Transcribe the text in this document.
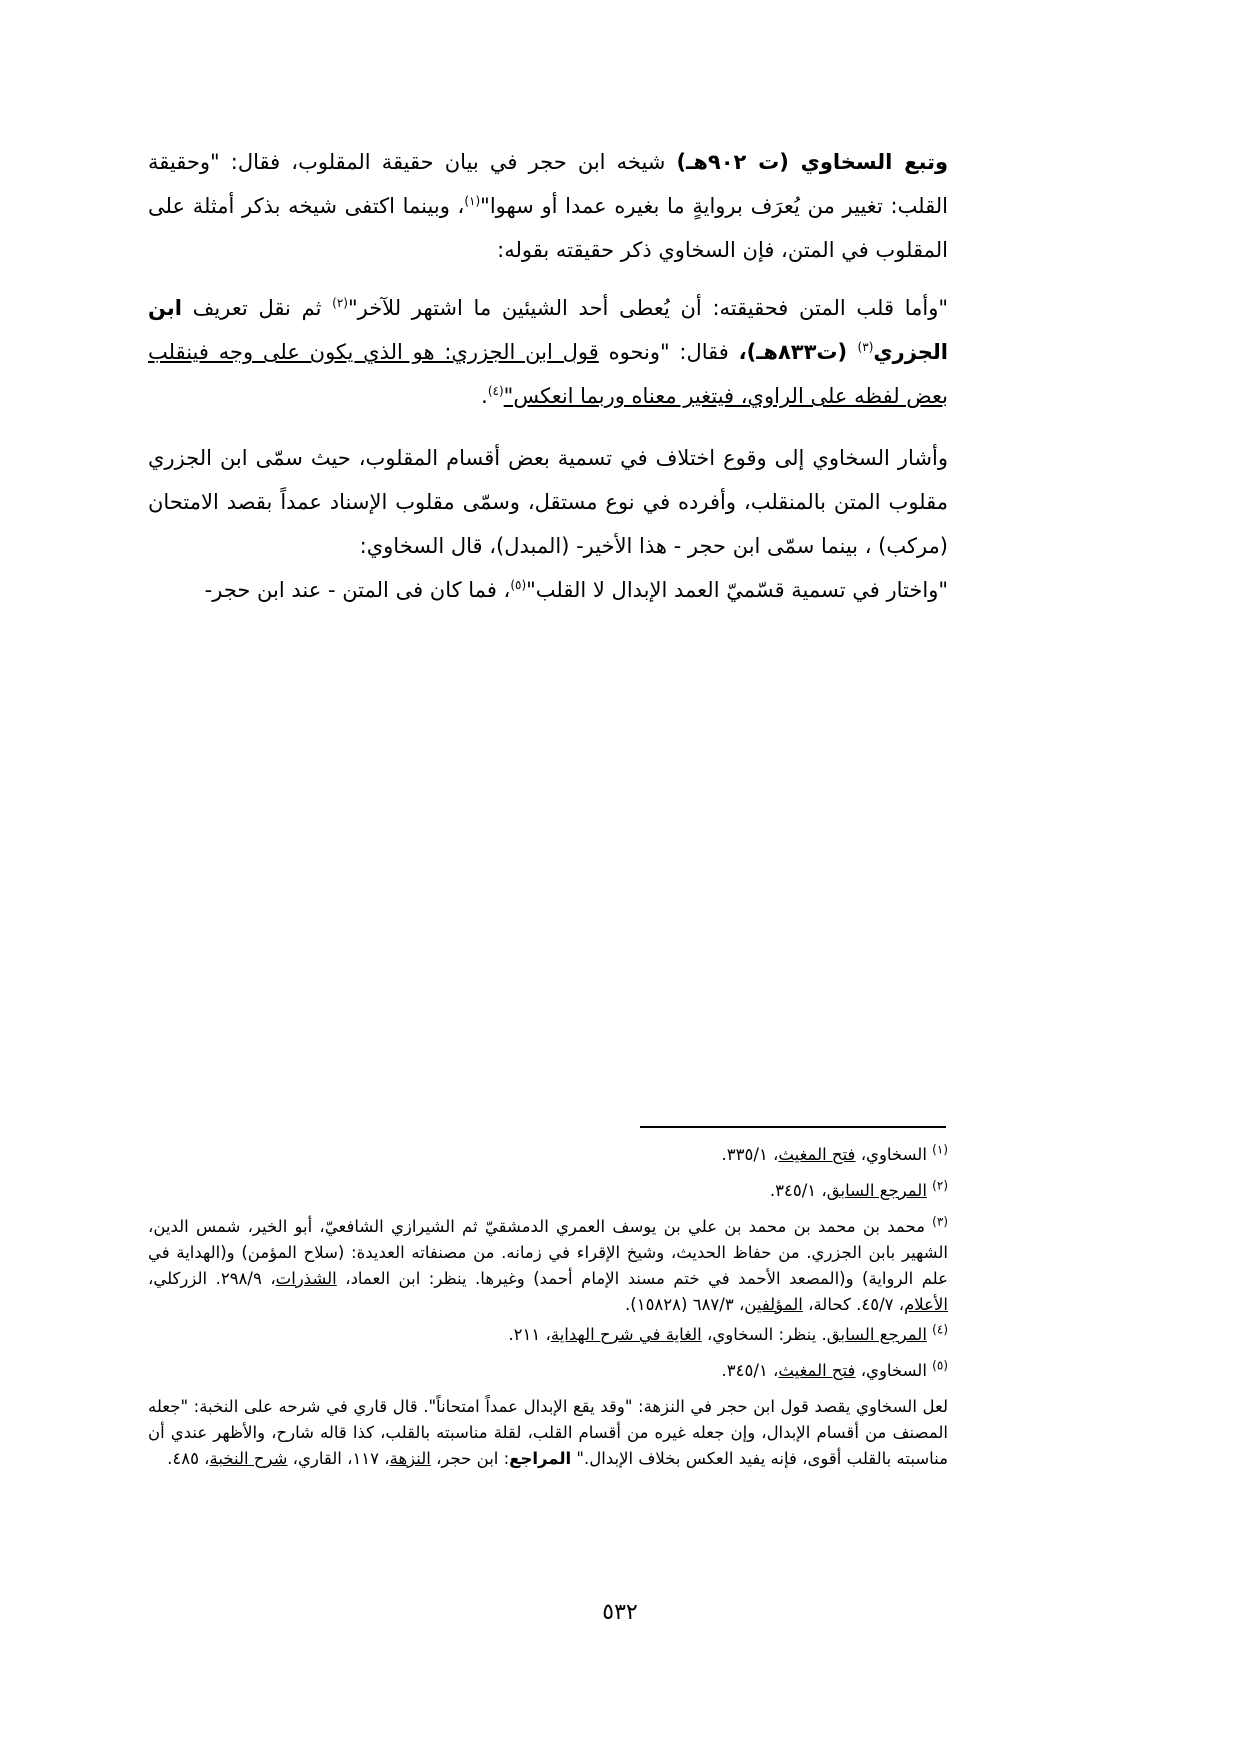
وتبع السخاوي (ت ٩٠٢هـ) شيخه ابن حجر في بيان حقيقة المقلوب، فقال: "وحقيقة القلب: تغيير من يُعرَف بروايةٍ ما بغيره عمدا أو سهوا"$^{(١)}$، وبينما اكتفى شيخه بذكر أمثلة على المقلوب في المتن، فإن السخاوي ذكر حقيقته بقوله:

"وأما قلب المتن فحقيقته: أن يُعطى أحد الشيئين ما اشتهر للآخر"$^{(٢)}$ ثم نقل تعريف ابن الجزري$^{(٣)}$ (ت٨٣٣هـ)، فقال: "ونحوه قول ابن الجزري: هو الذي يكون على وجه فينقلب بعض لفظه على الراوي، فيتغير معناه وربما انعكس"$^{(٤)}$.

وأشار السخاوي إلى وقوع اختلاف في تسمية بعض أقسام المقلوب، حيث سمّى ابن الجزري مقلوب المتن بالمنقلب، وأفرده في نوع مستقل، وسمّى مقلوب الإسناد عمداً بقصد الامتحان (مركب) ، بينما سمّى ابن حجر - هذا الأخير- (المبدل)، قال السخاوي:

"واختار في تسمية قسّميّ العمد الإبدال لا القلب"$^{(٥)}$، فما كان فى المتن - عند ابن حجر-

$^{(١)}$ السخاوي، فتح المغيث، ٣٣٥/١.

$^{(٢)}$ المرجع السابق، ٣٤٥/١.

$^{(٣)}$ محمد بن محمد بن محمد بن علي بن يوسف العمري الدمشقيّ ثم الشيرازي الشافعيّ، أبو الخير، شمس الدين، الشهير بابن الجزري. من حفاظ الحديث، وشيخ الإقراء في زمانه. من مصنفاته العديدة: (سلاح المؤمن) و(الهداية في علم الرواية) و(المصعد الأحمد في ختم مسند الإمام أحمد) وغيرها. ينظر: ابن العماد، الشذرات، ٢٩٨/٩. الزركلي، الأعلام، ٤٥/٧. كحالة، المؤلفين، ٦٨٧/٣ (١٥٨٢٨).

$^{(٤)}$ المرجع السابق. ينظر: السخاوي، الغاية في شرح الهداية، ٢١١.

$^{(٥)}$ السخاوي، فتح المغيث، ٣٤٥/١.

لعل السخاوي يقصد قول ابن حجر في النزهة: "وقد يقع الإبدال عمداً امتحاناً". قال قاري في شرحه على النخبة: "جعله المصنف من أقسام الإبدال، وإن جعله غيره من أقسام القلب، لقلة مناسبته بالقلب، كذا قاله شارح، والأظهر عندي أن مناسبته بالقلب أقوى، فإنه يفيد العكس بخلاف الإبدال." المراجع: ابن حجر، النزهة، ١١٧، القاري، شرح النخبة، ٤٨٥.

٥٣٢
